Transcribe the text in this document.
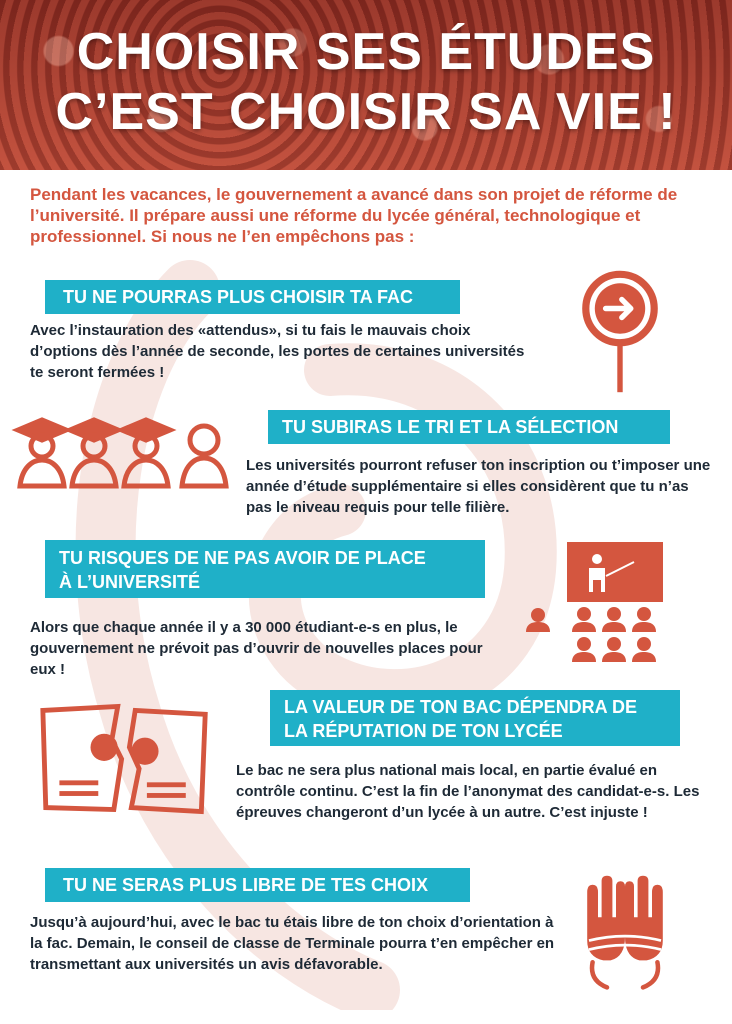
CHOISIR SES ÉTUDES
C’EST CHOISIR SA VIE !
Pendant les vacances, le gouvernement a avancé dans son projet de réforme de l’université. Il prépare aussi une réforme du lycée général, technologique et professionnel. Si nous ne l’en empêchons pas :
TU NE POURRAS PLUS CHOISIR TA FAC
Avec l’instauration des «attendus», si tu fais le mauvais choix d’options dès l’année de seconde, les portes de certaines universités te seront fermées !
TU SUBIRAS LE TRI ET LA SÉLECTION
Les universités pourront refuser ton inscription ou t’imposer une année d’étude supplémentaire si elles considèrent que tu n’as pas le niveau requis pour telle filière.
TU RISQUES DE NE PAS AVOIR DE PLACE
À L’UNIVERSITÉ
Alors que chaque année il y a 30 000 étudiant-e-s en plus, le gouvernement ne prévoit pas d’ouvrir de nouvelles places pour eux !
LA VALEUR DE TON BAC DÉPENDRA DE
LA RÉPUTATION DE TON LYCÉE
Le bac ne sera plus national mais local, en partie évalué en contrôle continu. C’est la fin de l’anonymat des candidat-e-s. Les épreuves changeront d’un lycée à un autre. C’est injuste !
TU NE SERAS PLUS LIBRE DE TES CHOIX
Jusqu’à aujourd’hui, avec le bac tu étais libre de ton choix d’orientation à la fac. Demain, le conseil de classe de Terminale pourra t’en empêcher en transmettant aux universités un avis défavorable.
